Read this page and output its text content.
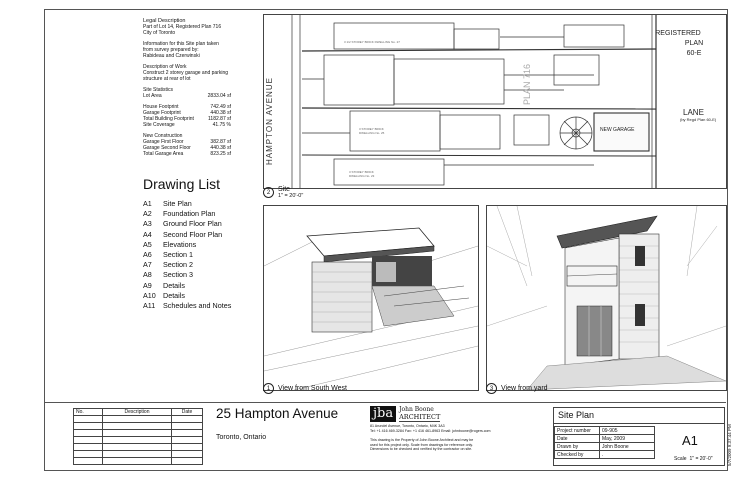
Legal Description
Part of Lot 14, Registered Plan 716
City of Toronto
Information for this Site plan taken
from survey prepared by:
Rabideau and Czerwinski
Description of Work
Construct 2 storey garage and parking
structure at rear of lot
Site Statistics
Lot Area	2833.04 sf
House Footprint	742.49 sf
Garage Footprint	440.38 sf
Total Building Footprint	1182.87 sf
Site Coverage	41.75 %
New Construction
Garage First Floor	382.87 sf
Garage Second Floor	440.38 sf
Total Garage Area	823.25 sf
Drawing List
A1	Site Plan
A2	Foundation Plan
A3	Ground Floor Plan
A4	Second Floor Plan
A5	Elevations
A6	Section 1
A7	Section 2
A8	Section 3
A9	Details
A10	Details
A11	Schedules and Notes
3 1/2 STOREY BRICK DWELLING No. 27
3 STOREY BRICK
DWELLING No. 25
3 STOREY BRICK
DWELLING No. 23
HAMPTON AVENUE	PLAN 716
REGISTERED
PLAN
60-E
LANE
(by Regd Plan 60-E)
NEW GARAGE
2	Site
1" = 20'-0"
1	View from South West	3	View from yard
No.	Description	Date

		25 Hampton Avenue
Toronto, Ontario
jba	John Boone
ARCHITECT
81 Arundel Avenue, Toronto, Ontario, M4K 3A3
Tel: +1 416 469-3284 Fax: +1 416 461-8963 Email: johnboone@rogers.com
This drawing is the Property of John Boone Architect and may be
used for this project only. Scale from drawings for reference only.
Dimensions to be checked and verified by the contractor on site.
Site Plan
Project number	09-905
Date	May, 2009
Drawn by	John Boone
Checked by	.
A1
Scale 1" = 20'-0"	5/7/2009 9:37:44 PM
